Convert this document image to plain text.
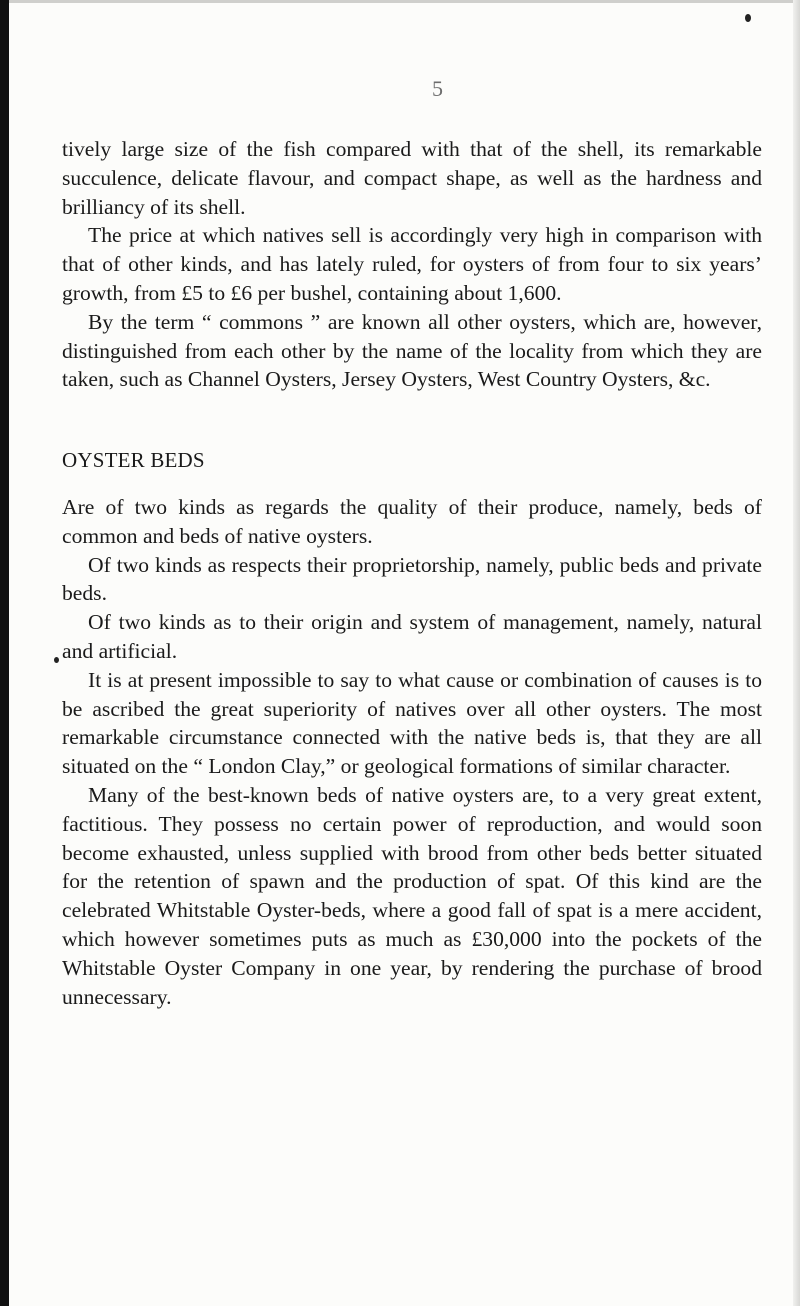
5

tively large size of the fish compared with that of the shell, its remarkable succulence, delicate flavour, and compact shape, as well as the hardness and brilliancy of its shell.

The price at which natives sell is accordingly very high in comparison with that of other kinds, and has lately ruled, for oysters of from four to six years’ growth, from £5 to £6 per bushel, containing about 1,600.

By the term “ commons ” are known all other oysters, which are, however, distinguished from each other by the name of the locality from which they are taken, such as Channel Oysters, Jersey Oysters, West Country Oysters, &c.

OYSTER BEDS

Are of two kinds as regards the quality of their produce, namely, beds of common and beds of native oysters.

Of two kinds as respects their proprietorship, namely, public beds and private beds.

Of two kinds as to their origin and system of management, namely, natural and artificial.

It is at present impossible to say to what cause or combination of causes is to be ascribed the great superiority of natives over all other oysters. The most remarkable circumstance connected with the native beds is, that they are all situated on the “ London Clay,” or geological formations of similar character.

Many of the best-known beds of native oysters are, to a very great extent, factitious. They possess no certain power of reproduction, and would soon become exhausted, unless supplied with brood from other beds better situated for the retention of spawn and the production of spat. Of this kind are the celebrated Whitstable Oyster-beds, where a good fall of spat is a mere accident, which however sometimes puts as much as £30,000 into the pockets of the Whitstable Oyster Company in one year, by rendering the purchase of brood unnecessary.
